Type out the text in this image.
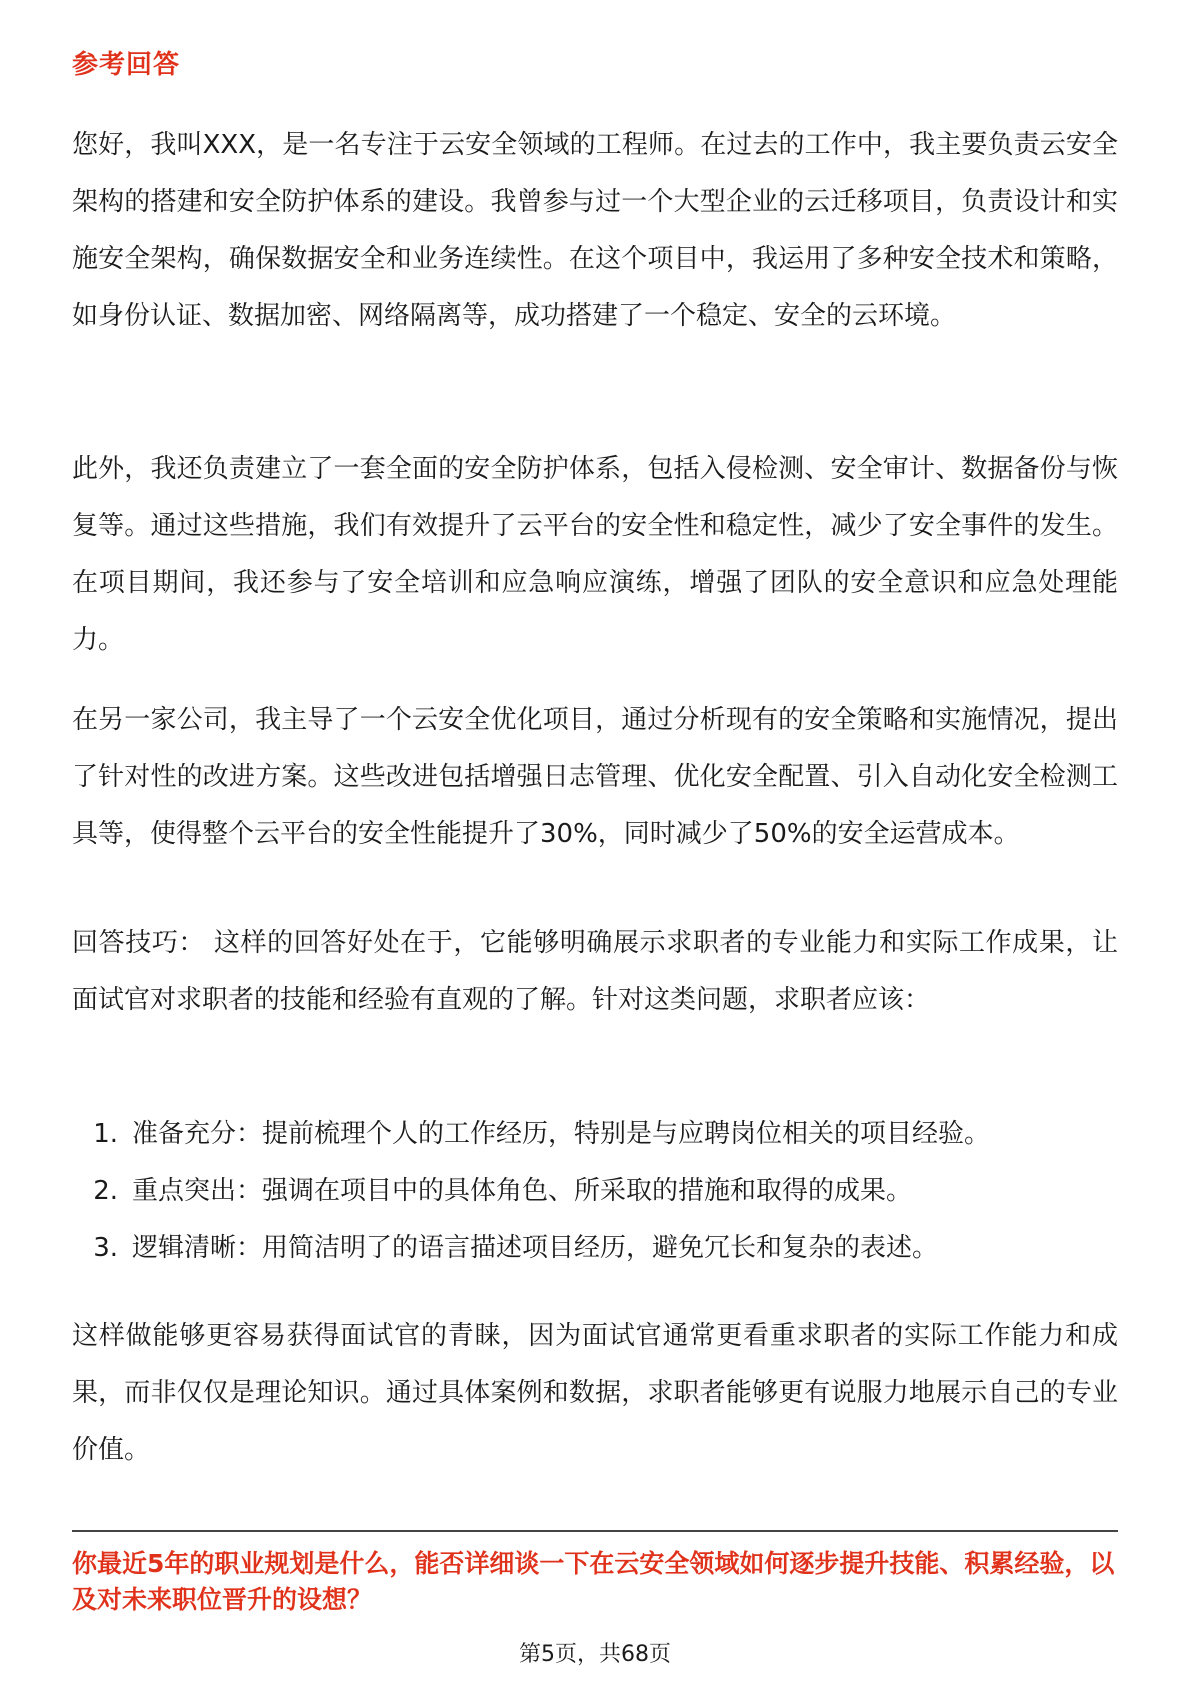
参考回答

您好，我叫XXX，是一名专注于云安全领域的工程师。在过去的工作中，我主要负责云安全架构的搭建和安全防护体系的建设。我曾参与过一个大型企业的云迁移项目，负责设计和实施安全架构，确保数据安全和业务连续性。在这个项目中，我运用了多种安全技术和策略，如身份认证、数据加密、网络隔离等，成功搭建了一个稳定、安全的云环境。

此外，我还负责建立了一套全面的安全防护体系，包括入侵检测、安全审计、数据备份与恢复等。通过这些措施，我们有效提升了云平台的安全性和稳定性，减少了安全事件的发生。在项目期间，我还参与了安全培训和应急响应演练，增强了团队的安全意识和应急处理能力。

在另一家公司，我主导了一个云安全优化项目，通过分析现有的安全策略和实施情况，提出了针对性的改进方案。这些改进包括增强日志管理、优化安全配置、引入自动化安全检测工具等，使得整个云平台的安全性能提升了30%，同时减少了50%的安全运营成本。

回答技巧： 这样的回答好处在于，它能够明确展示求职者的专业能力和实际工作成果，让面试官对求职者的技能和经验有直观的了解。针对这类问题，求职者应该：

1. 准备充分：提前梳理个人的工作经历，特别是与应聘岗位相关的项目经验。
2. 重点突出：强调在项目中的具体角色、所采取的措施和取得的成果。
3. 逻辑清晰：用简洁明了的语言描述项目经历，避免冗长和复杂的表述。

这样做能够更容易获得面试官的青睐，因为面试官通常更看重求职者的实际工作能力和成果，而非仅仅是理论知识。通过具体案例和数据，求职者能够更有说服力地展示自己的专业价值。

你最近5年的职业规划是什么，能否详细谈一下在云安全领域如何逐步提升技能、积累经验，以及对未来职位晋升的设想？

第5页，共68页
